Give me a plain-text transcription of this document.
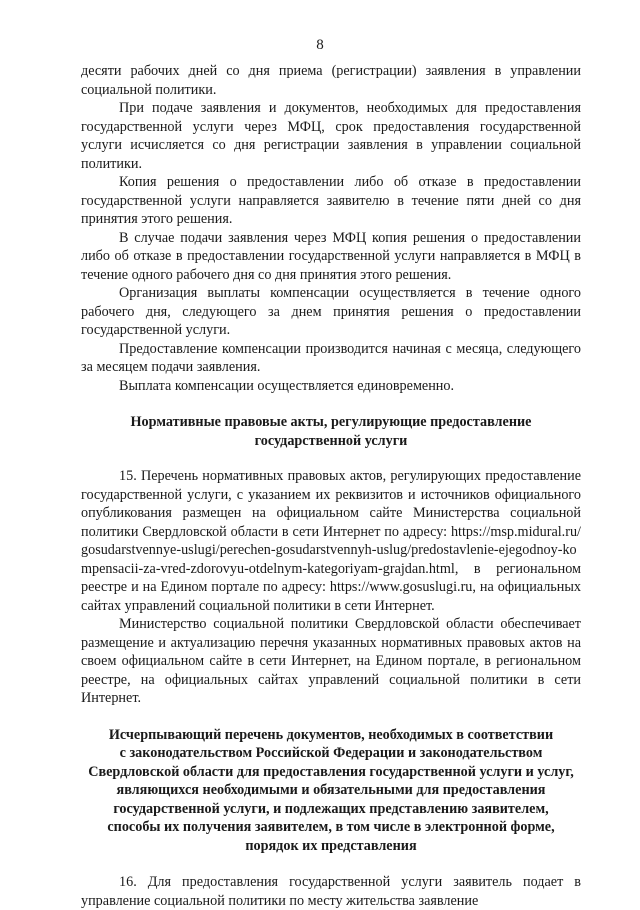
8

десяти рабочих дней со дня приема (регистрации) заявления в управлении социальной политики.

При подаче заявления и документов, необходимых для предоставления государственной услуги через МФЦ, срок предоставления государственной услуги исчисляется со дня регистрации заявления в управлении социальной политики.

Копия решения о предоставлении либо об отказе в предоставлении государственной услуги направляется заявителю в течение пяти дней со дня принятия этого решения.

В случае подачи заявления через МФЦ копия решения о предоставлении либо об отказе в предоставлении государственной услуги направляется в МФЦ в течение одного рабочего дня со дня принятия этого решения.

Организация выплаты компенсации осуществляется в течение одного рабочего дня, следующего за днем принятия решения о предоставлении государственной услуги.

Предоставление компенсации производится начиная с месяца, следующего за месяцем подачи заявления.

Выплата компенсации осуществляется единовременно.

Нормативные правовые акты, регулирующие предоставление государственной услуги

15. Перечень нормативных правовых актов, регулирующих предоставление государственной услуги, с указанием их реквизитов и источников официального опубликования размещен на официальном сайте Министерства социальной политики Свердловской области в сети Интернет по адресу: https://msp.midural.ru/gosudarstvennye-uslugi/perechen-gosudarstvennyh-uslug/predostavlenie-ejegodnoy-kompensacii-za-vred-zdorovyu-otdelnym-kategoriyam-grajdan.html, в региональном реестре и на Едином портале по адресу: https://www.gosuslugi.ru, на официальных сайтах управлений социальной политики в сети Интернет.

Министерство социальной политики Свердловской области обеспечивает размещение и актуализацию перечня указанных нормативных правовых актов на своем официальном сайте в сети Интернет, на Едином портале, в региональном реестре, на официальных сайтах управлений социальной политики в сети Интернет.

Исчерпывающий перечень документов, необходимых в соответствии
с законодательством Российской Федерации и законодательством
Свердловской области для предоставления государственной услуги и услуг,
являющихся необходимыми и обязательными для предоставления
государственной услуги, и подлежащих представлению заявителем,
способы их получения заявителем, в том числе в электронной форме,
порядок их представления

16. Для предоставления государственной услуги заявитель подает в управление социальной политики по месту жительства заявление
